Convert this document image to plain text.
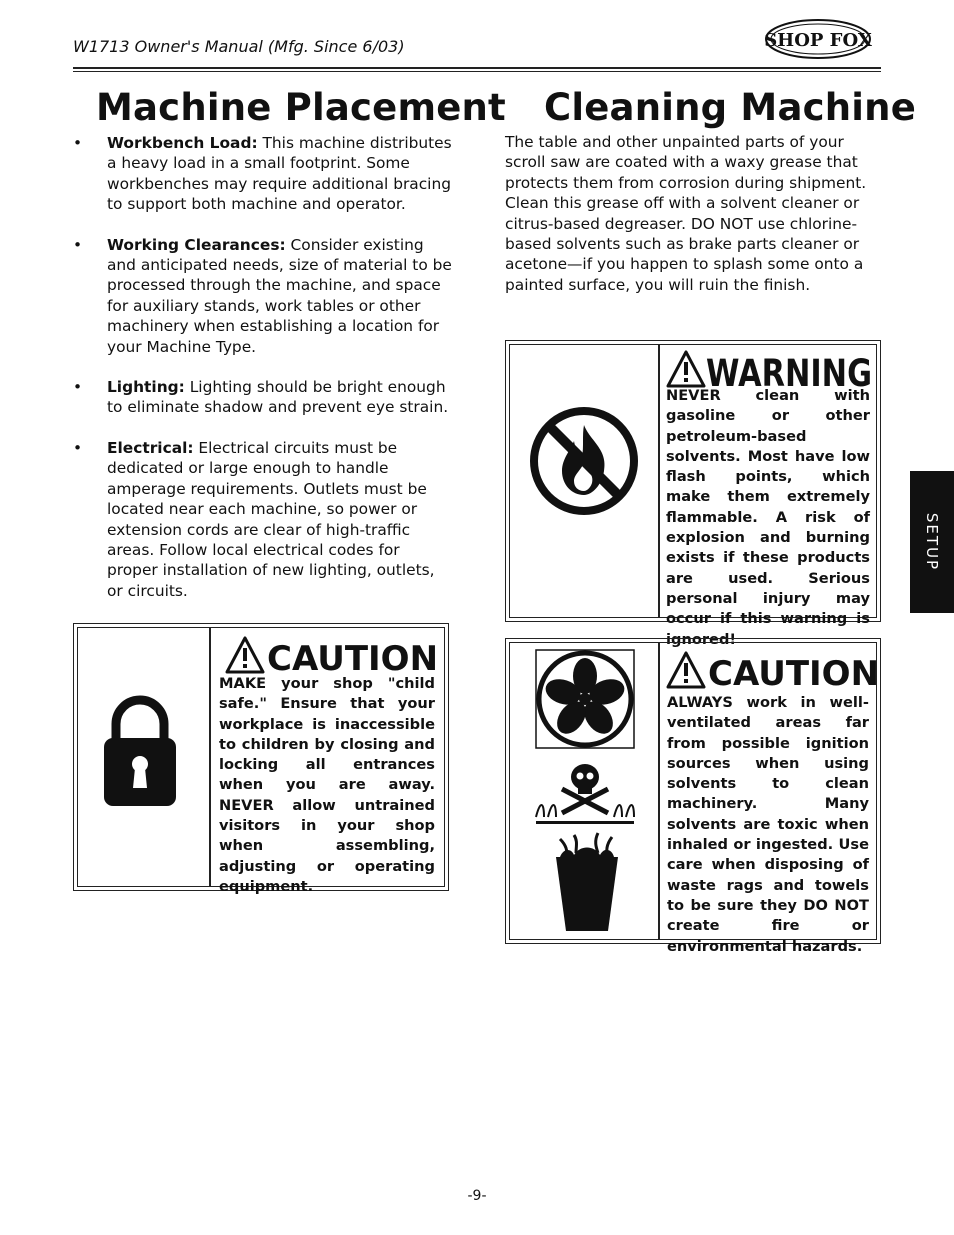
W1713 Owner's Manual (Mfg. Since 6/03)	SHOP FOX
Machine Placement
• Workbench Load: This machine distributes a heavy load in a small footprint. Some workbenches may require additional bracing to support both machine and operator.
• Working Clearances: Consider existing and anticipated needs, size of material to be processed through the machine, and space for auxiliary stands, work tables or other machinery when establishing a location for your Machine Type.
• Lighting: Lighting should be bright enough to eliminate shadow and prevent eye strain.
• Electrical: Electrical circuits must be dedicated or large enough to handle amperage requirements. Outlets must be located near each machine, so power or extension cords are clear of high-traffic areas. Follow local electrical codes for proper installation of new lighting, outlets, or circuits.
CAUTION
MAKE your shop "child safe." Ensure that your workplace is inaccessible to children by closing and locking all entrances when you are away. NEVER allow untrained visitors in your shop when assembling, adjusting or operating equipment.
Cleaning Machine
The table and other unpainted parts of your scroll saw are coated with a waxy grease that protects them from corrosion during shipment. Clean this grease off with a solvent cleaner or citrus-based degreaser. DO NOT use chlorine-based solvents such as brake parts cleaner or acetone—if you happen to splash some onto a painted surface, you will ruin the finish.
WARNING
NEVER clean with gasoline or other petroleum-based solvents. Most have low flash points, which make them extremely flammable. A risk of explosion and burning exists if these products are used. Serious personal injury may occur if this warning is ignored!
CAUTION
ALWAYS work in well-ventilated areas far from possible ignition sources when using solvents to clean machinery. Many solvents are toxic when inhaled or ingested. Use care when disposing of waste rags and towels to be sure they DO NOT create fire or environmental hazards.
SETUP
-9-
